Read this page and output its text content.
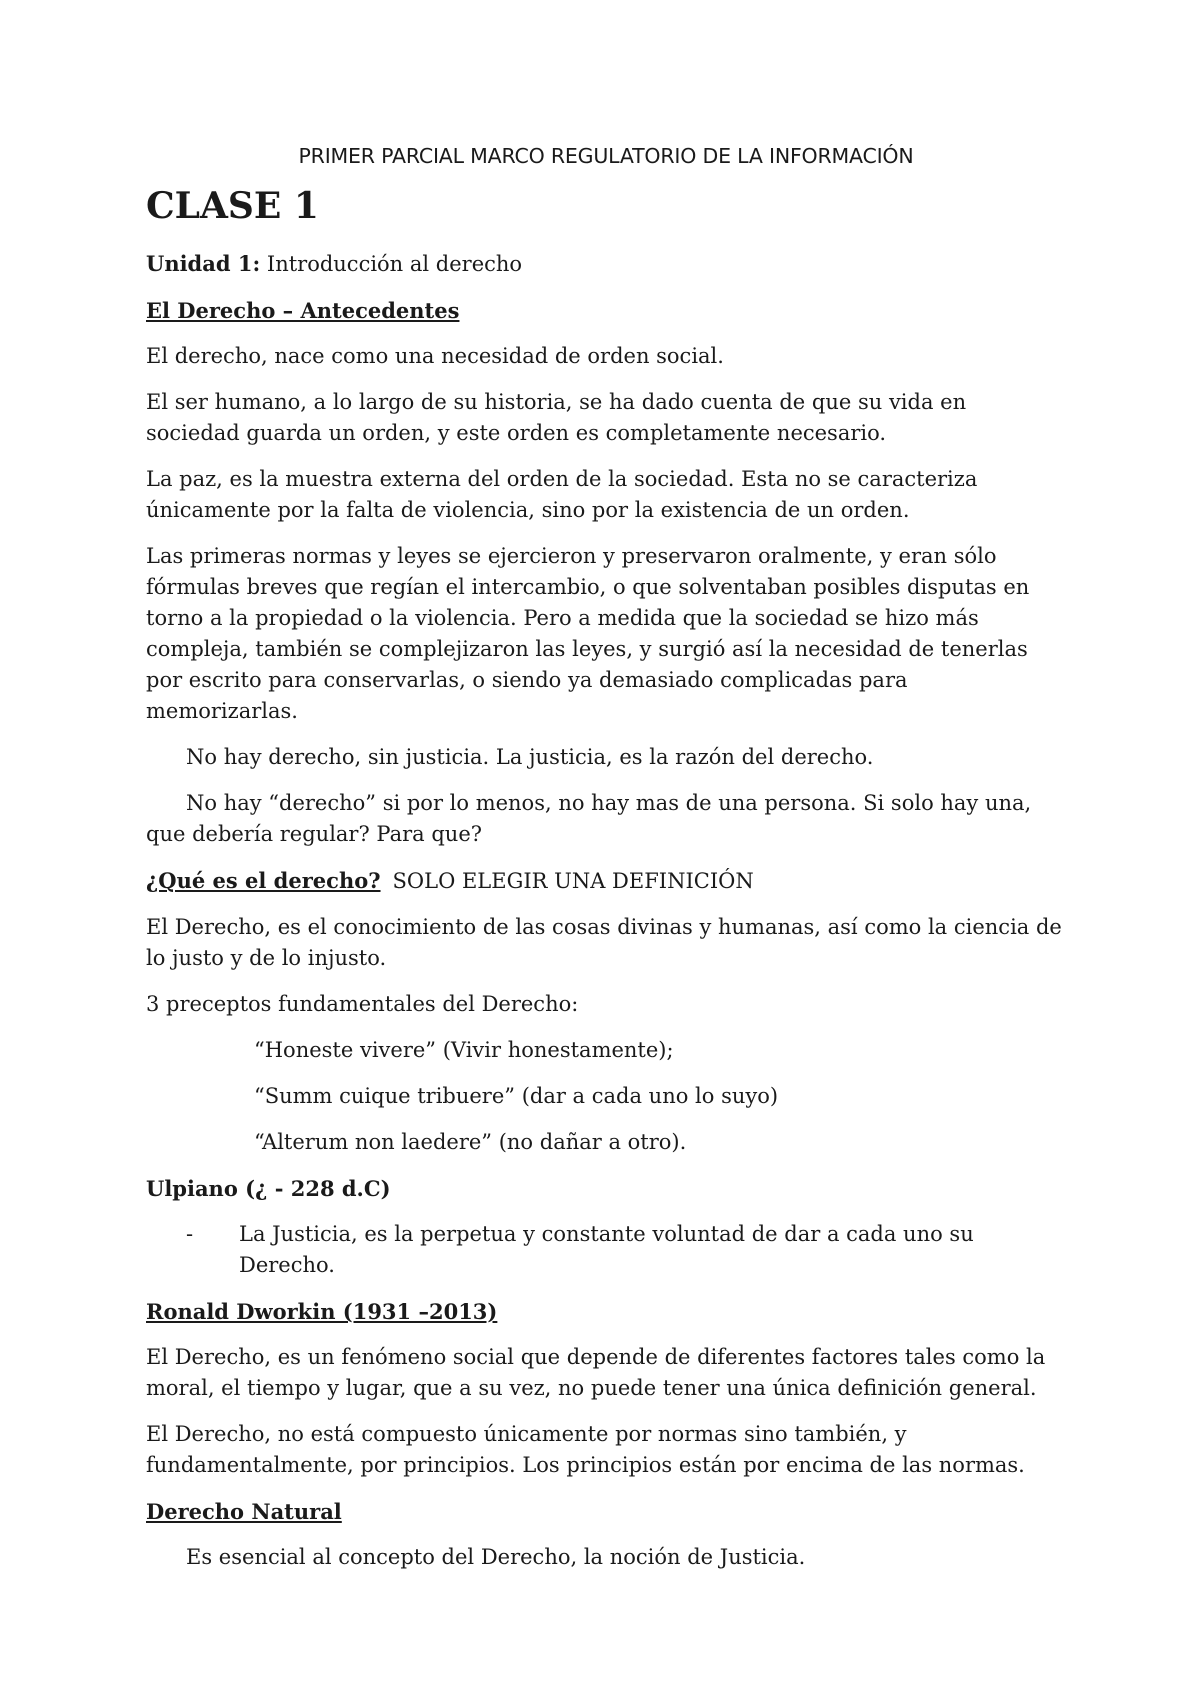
PRIMER PARCIAL MARCO REGULATORIO DE LA INFORMACIÓN
CLASE 1

Unidad 1: Introducción al derecho

El Derecho – Antecedentes

El derecho, nace como una necesidad de orden social.

El ser humano, a lo largo de su historia, se ha dado cuenta de que su vida en sociedad guarda un orden, y este orden es completamente necesario.

La paz, es la muestra externa del orden de la sociedad. Esta no se caracteriza únicamente por la falta de violencia, sino por la existencia de un orden.

Las primeras normas y leyes se ejercieron y preservaron oralmente, y eran sólo fórmulas breves que regían el intercambio, o que solventaban posibles disputas en torno a la propiedad o la violencia. Pero a medida que la sociedad se hizo más compleja, también se complejizaron las leyes, y surgió así la necesidad de tenerlas por escrito para conservarlas, o siendo ya demasiado complicadas para memorizarlas.

No hay derecho, sin justicia. La justicia, es la razón del derecho.

No hay “derecho” si por lo menos, no hay mas de una persona. Si solo hay una, que debería regular? Para que?

¿Qué es el derecho? SOLO ELEGIR UNA DEFINICIÓN

El Derecho, es el conocimiento de las cosas divinas y humanas, así como la ciencia de lo justo y de lo injusto.

3 preceptos fundamentales del Derecho:

“Honeste vivere” (Vivir honestamente);

“Summ cuique tribuere” (dar a cada uno lo suyo)

“Alterum non laedere” (no dañar a otro).

Ulpiano (¿ - 228 d.C)

-	La Justicia, es la perpetua y constante voluntad de dar a cada uno su Derecho.

Ronald Dworkin (1931 –2013)

El Derecho, es un fenómeno social que depende de diferentes factores tales como la moral, el tiempo y lugar, que a su vez, no puede tener una única definición general.

El Derecho, no está compuesto únicamente por normas sino también, y fundamentalmente, por principios. Los principios están por encima de las normas.

Derecho Natural

Es esencial al concepto del Derecho, la noción de Justicia.
